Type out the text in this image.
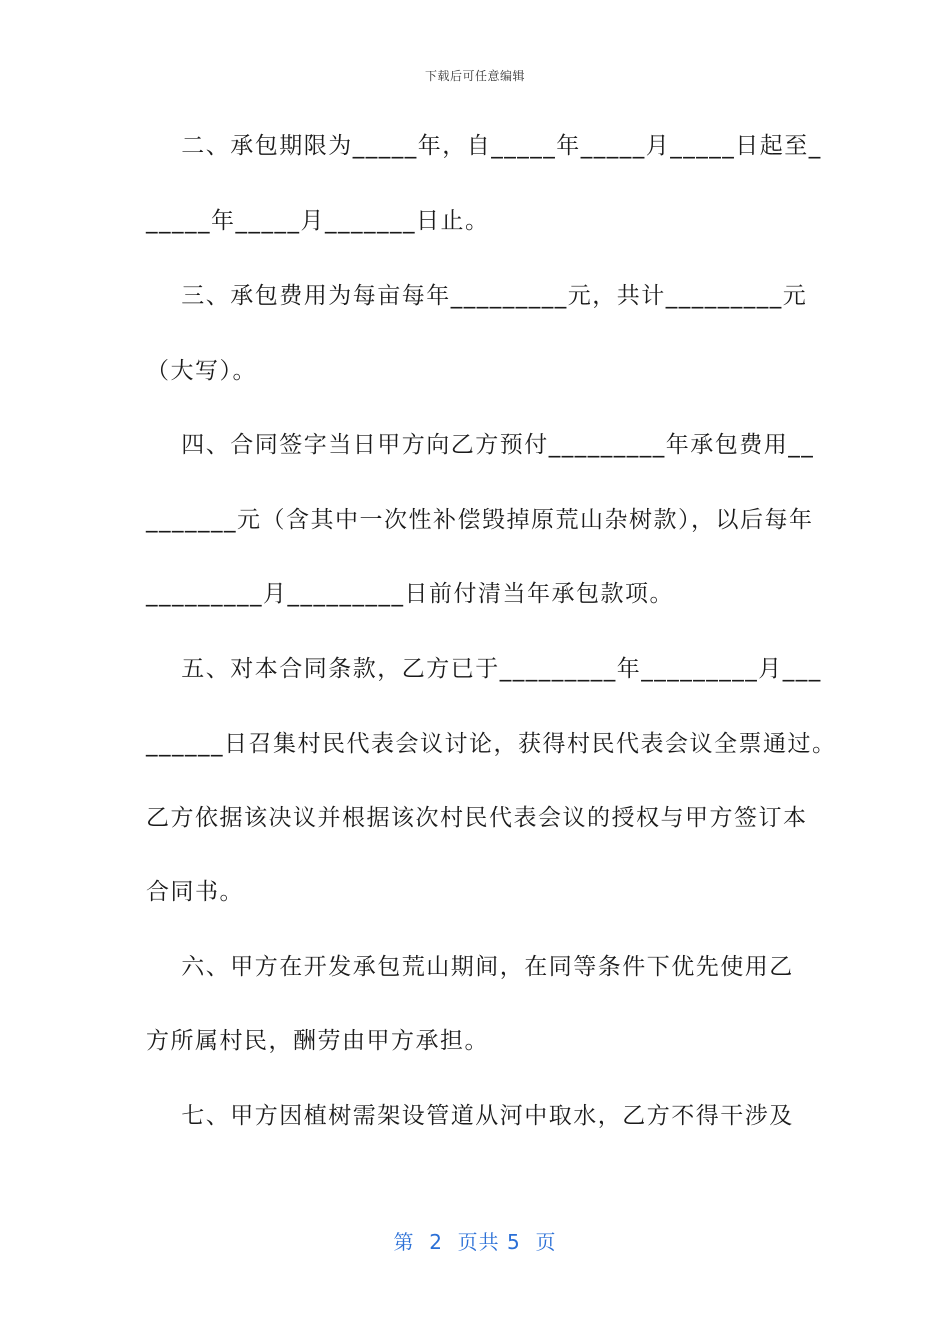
下载后可任意编辑
二、承包期限为_____年，自_____年_____月_____日起至_
_____年_____月_______日止。
三、承包费用为每亩每年_________元，共计_________元
（大写）。
四、合同签字当日甲方向乙方预付_________年承包费用__
_______元（含其中一次性补偿毁掉原荒山杂树款），以后每年
_________月_________日前付清当年承包款项。
五、对本合同条款，乙方已于_________年_________月___
______日召集村民代表会议讨论，获得村民代表会议全票通过。
乙方依据该决议并根据该次村民代表会议的授权与甲方签订本
合同书。
六、甲方在开发承包荒山期间，在同等条件下优先使用乙
方所属村民，酬劳由甲方承担。
七、甲方因植树需架设管道从河中取水，乙方不得干涉及
第  2  页共 5  页
